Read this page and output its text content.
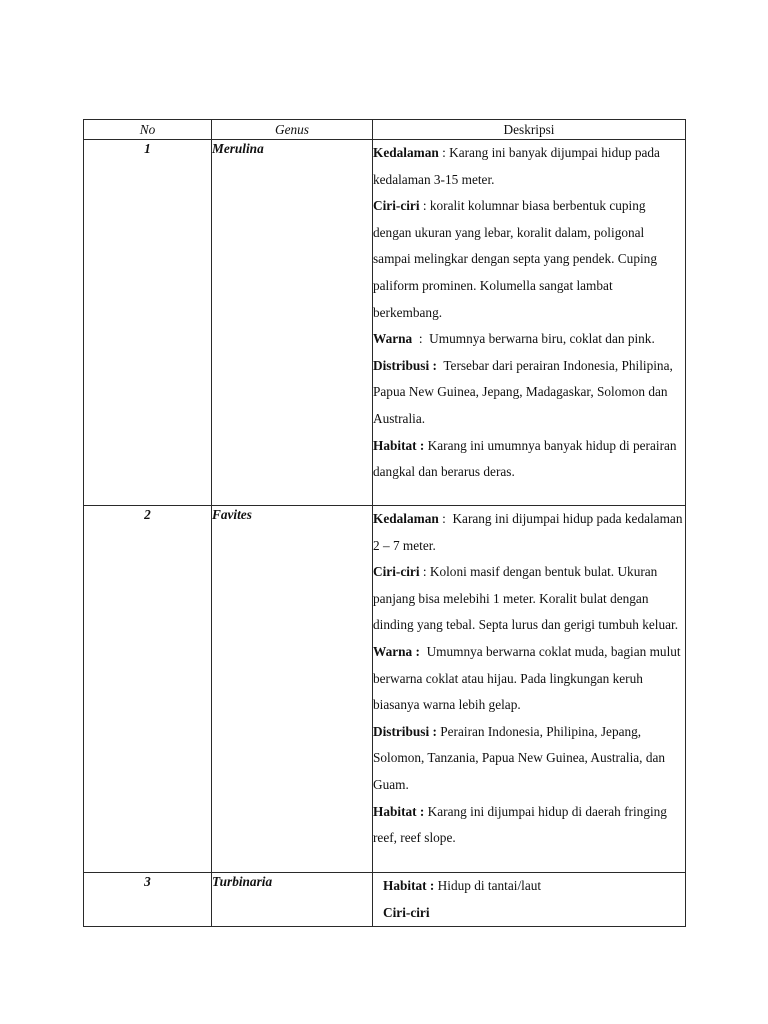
No	Genus	Deskripsi
1	Merulina	Kedalaman : Karang ini banyak dijumpai hidup pada kedalaman 3-15 meter.

Ciri-ciri : koralit kolumnar biasa berbentuk cuping dengan ukuran yang lebar, koralit dalam, poligonal sampai melingkar dengan septa yang pendek. Cuping paliform prominen. Kolumella sangat lambat berkembang.

Warna  :  Umumnya berwarna biru, coklat dan pink.

Distribusi : Tersebar dari perairan Indonesia, Philipina, Papua New Guinea, Jepang, Madagaskar, Solomon dan Australia.

Habitat : Karang ini umumnya banyak hidup di perairan dangkal dan berarus deras.

2	Favites	Kedalaman :  Karang ini dijumpai hidup pada kedalaman 2 – 7 meter.

Ciri-ciri : Koloni masif dengan bentuk bulat. Ukuran panjang bisa melebihi 1 meter. Koralit bulat dengan dinding yang tebal. Septa lurus dan gerigi tumbuh keluar.

Warna : Umumnya berwarna coklat muda, bagian mulut berwarna coklat atau hijau. Pada lingkungan keruh biasanya warna lebih gelap.

Distribusi : Perairan Indonesia, Philipina, Jepang, Solomon, Tanzania, Papua New Guinea, Australia, dan Guam.

Habitat : Karang ini dijumpai hidup di daerah fringing reef, reef slope.

3	Turbinaria	Habitat : Hidup di tantai/laut

Ciri-ciri
